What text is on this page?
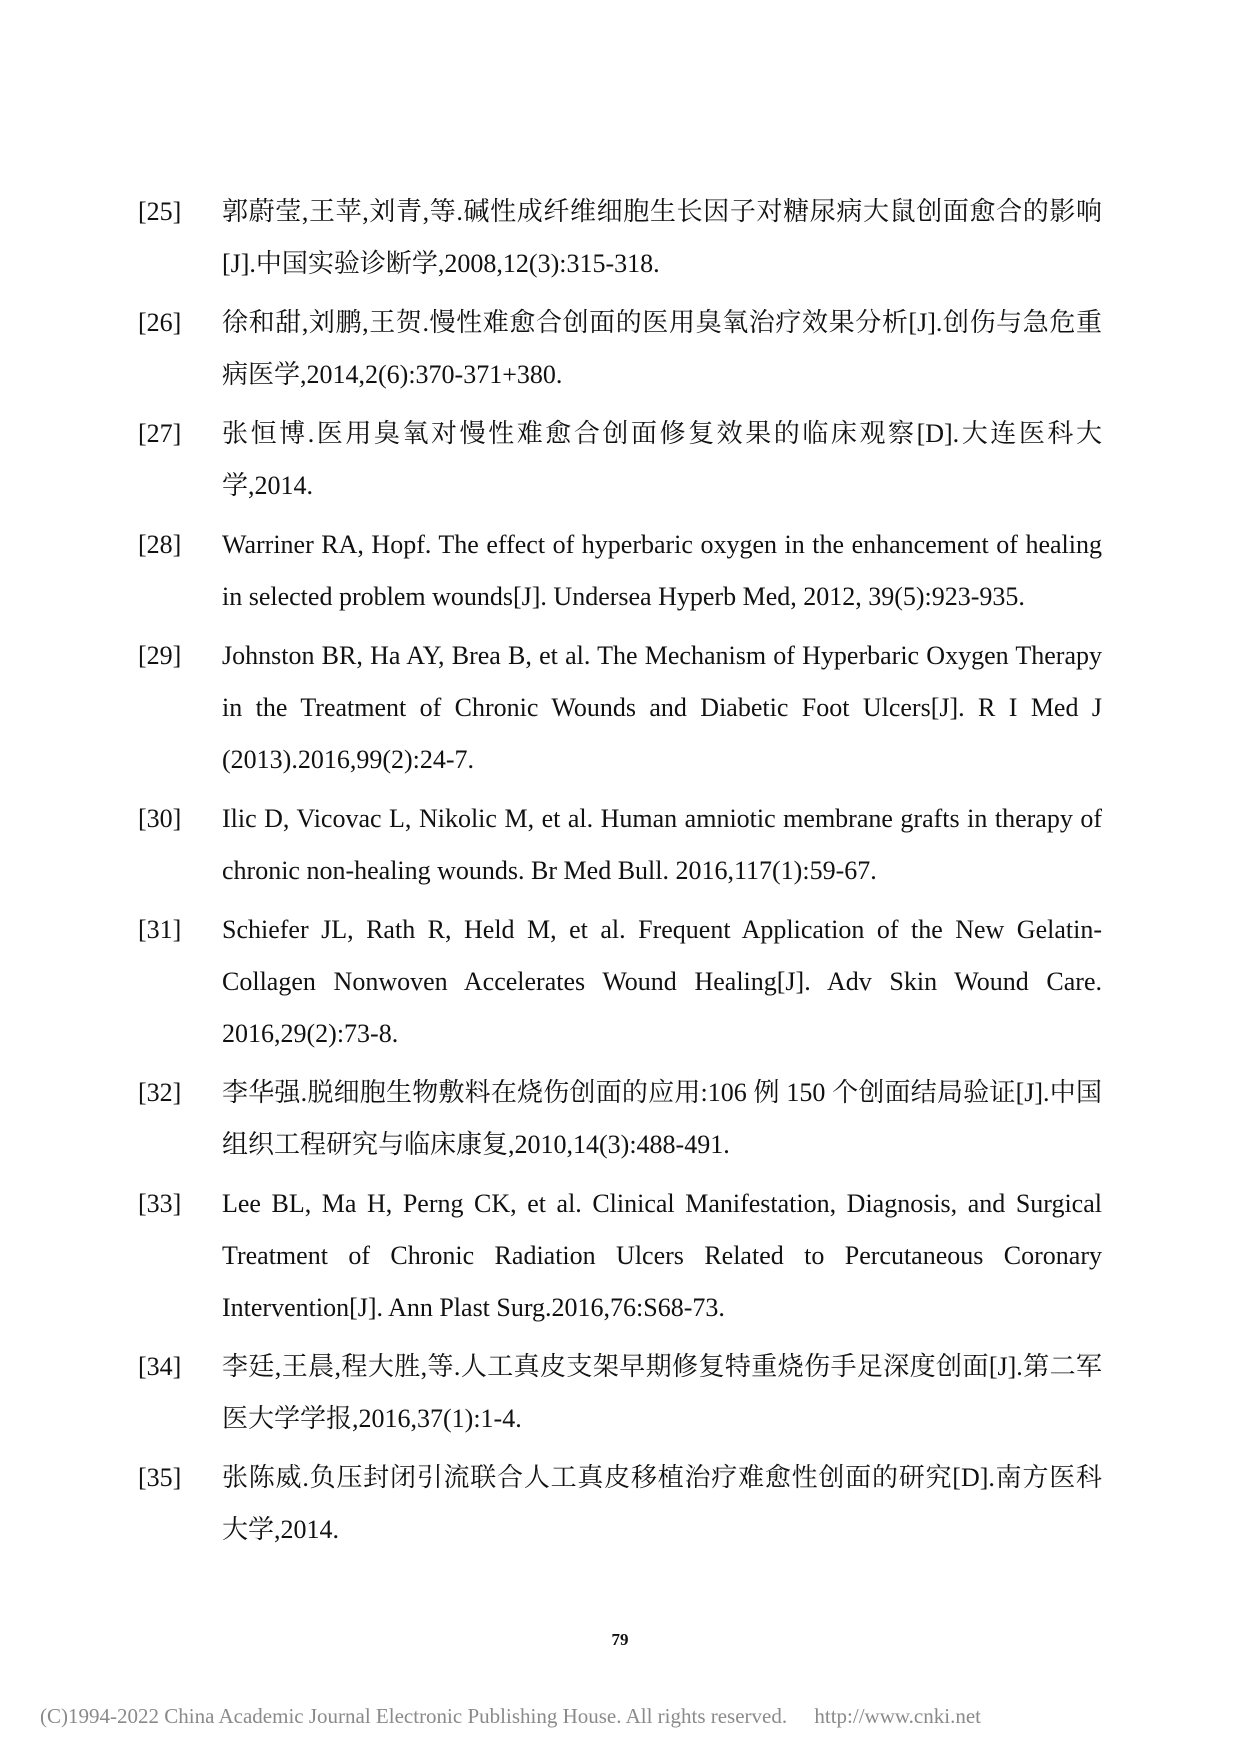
[25] 郭蔚莹,王苹,刘青,等.碱性成纤维细胞生长因子对糖尿病大鼠创面愈合的影响[J].中国实验诊断学,2008,12(3):315-318.
[26] 徐和甜,刘鹏,王贺.慢性难愈合创面的医用臭氧治疗效果分析[J].创伤与急危重病医学,2014,2(6):370-371+380.
[27] 张恒博.医用臭氧对慢性难愈合创面修复效果的临床观察[D].大连医科大学,2014.
[28] Warriner RA, Hopf. The effect of hyperbaric oxygen in the enhancement of healing in selected problem wounds[J]. Undersea Hyperb Med, 2012, 39(5):923-935.
[29] Johnston BR, Ha AY, Brea B, et al. The Mechanism of Hyperbaric Oxygen Therapy in the Treatment of Chronic Wounds and Diabetic Foot Ulcers[J]. R I Med J (2013).2016,99(2):24-7.
[30] Ilic D, Vicovac L, Nikolic M, et al. Human amniotic membrane grafts in therapy of chronic non-healing wounds. Br Med Bull. 2016,117(1):59-67.
[31] Schiefer JL, Rath R, Held M, et al. Frequent Application of the New Gelatin-Collagen Nonwoven Accelerates Wound Healing[J]. Adv Skin Wound Care. 2016,29(2):73-8.
[32] 李华强.脱细胞生物敷料在烧伤创面的应用:106 例 150 个创面结局验证[J].中国组织工程研究与临床康复,2010,14(3):488-491.
[33] Lee BL, Ma H, Perng CK, et al. Clinical Manifestation, Diagnosis, and Surgical Treatment of Chronic Radiation Ulcers Related to Percutaneous Coronary Intervention[J]. Ann Plast Surg.2016,76:S68-73.
[34] 李廷,王晨,程大胜,等.人工真皮支架早期修复特重烧伤手足深度创面[J].第二军医大学学报,2016,37(1):1-4.
[35] 张陈威.负压封闭引流联合人工真皮移植治疗难愈性创面的研究[D].南方医科大学,2014.
79
(C)1994-2022 China Academic Journal Electronic Publishing House. All rights reserved. http://www.cnki.net
